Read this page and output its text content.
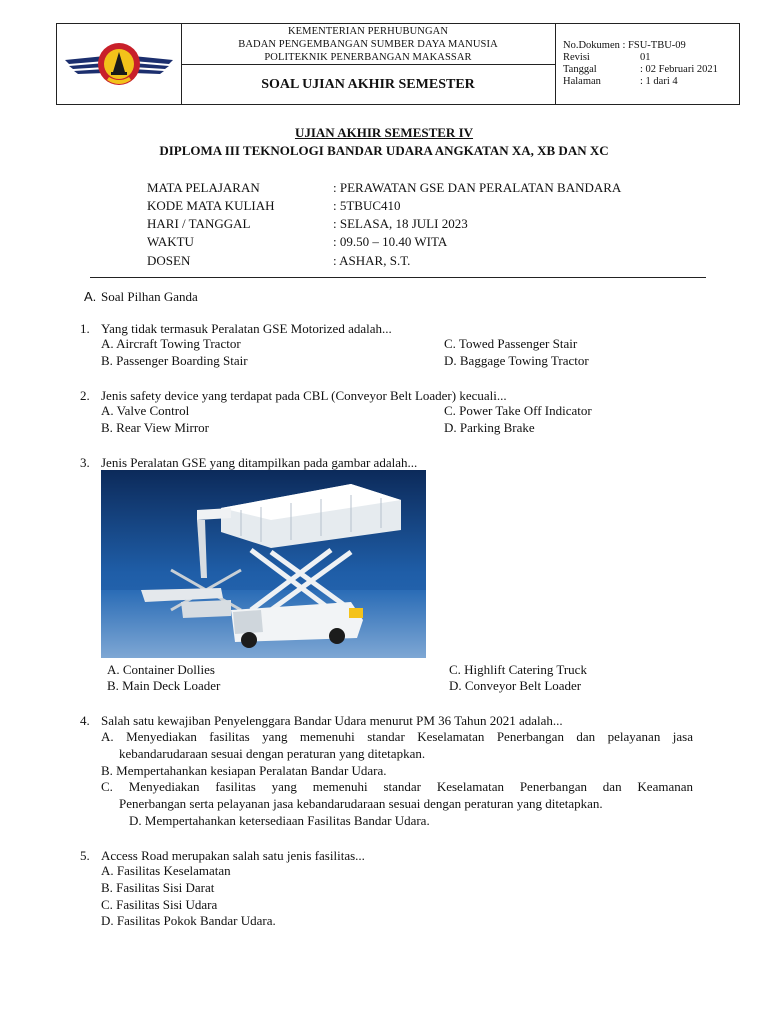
KEMENTERIAN PERHUBUNGAN
BADAN PENGEMBANGAN SUMBER DAYA MANUSIA
POLITEKNIK PENERBANGAN MAKASSAR
SOAL UJIAN AKHIR SEMESTER
No.Dokumen : FSU-TBU-09
Revisi	01
Tanggal	: 02 Februari 2021
Halaman	: 1 dari 4
UJIAN AKHIR SEMESTER IV
DIPLOMA III TEKNOLOGI BANDAR UDARA ANGKATAN XA, XB DAN XC
MATA PELAJARAN	: PERAWATAN GSE DAN PERALATAN BANDARA
KODE MATA KULIAH	: 5TBUC410
HARI / TANGGAL	: SELASA, 18 JULI 2023
WAKTU	: 09.50 – 10.40 WITA
DOSEN	: ASHAR, S.T.
A. Soal Pilhan Ganda
1. Yang tidak termasuk Peralatan GSE Motorized adalah...
A. Aircraft Towing Tractor	C. Towed Passenger Stair
B. Passenger Boarding Stair	D. Baggage Towing Tractor
2. Jenis safety device yang terdapat pada CBL (Conveyor Belt Loader) kecuali...
A. Valve Control	C. Power Take Off Indicator
B. Rear View Mirror	D. Parking Brake
3. Jenis Peralatan GSE yang ditampilkan pada gambar adalah...
A. Container Dollies	C. Highlift Catering Truck
B. Main Deck Loader	D. Conveyor Belt Loader
4. Salah satu kewajiban Penyelenggara Bandar Udara menurut PM 36 Tahun 2021 adalah...
A. Menyediakan fasilitas yang memenuhi standar Keselamatan Penerbangan dan pelayanan jasa
kebandarudaraan sesuai dengan peraturan yang ditetapkan.
B. Mempertahankan kesiapan Peralatan Bandar Udara.
C. Menyediakan fasilitas yang memenuhi standar Keselamatan Penerbangan dan Keamanan
Penerbangan serta pelayanan jasa kebandarudaraan sesuai dengan peraturan yang ditetapkan.
D. Mempertahankan ketersediaan Fasilitas Bandar Udara.
5. Access Road merupakan salah satu jenis fasilitas...
A. Fasilitas Keselamatan
B. Fasilitas Sisi Darat
C. Fasilitas Sisi Udara
D. Fasilitas Pokok Bandar Udara.
